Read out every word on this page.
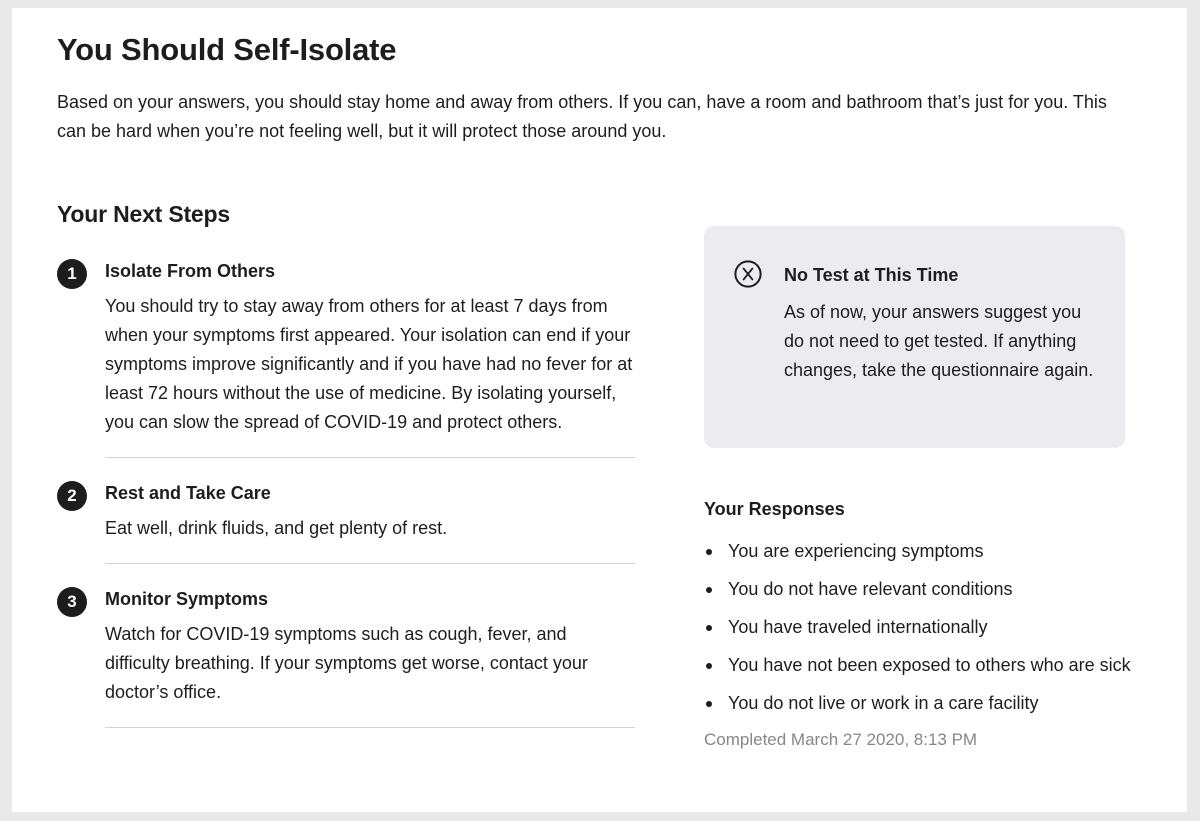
You Should Self-Isolate

Based on your answers, you should stay home and away from others. If you can, have a room and bathroom that’s just for you. This can be hard when you’re not feeling well, but it will protect those around you.

Your Next Steps
1	Isolate From Others

You should try to stay away from others for at least 7 days from when your symptoms first appeared. Your isolation can end if your symptoms improve significantly and if you have had no fever for at least 72 hours without the use of medicine. By isolating yourself, you can slow the spread of COVID-19 and protect others.

2	Rest and Take Care

Eat well, drink fluids, and get plenty of rest.

3	Monitor Symptoms

Watch for COVID-19 symptoms such as cough, fever, and difficulty breathing. If your symptoms get worse, contact your doctor’s office.

No Test at This Time

As of now, your answers suggest you do not need to get tested. If anything changes, take the questionnaire again.

Your Responses
You are experiencing symptoms
You do not have relevant conditions
You have traveled internationally
You have not been exposed to others who are sick
You do not live or work in a care facility

Completed March 27 2020, 8:13 PM
